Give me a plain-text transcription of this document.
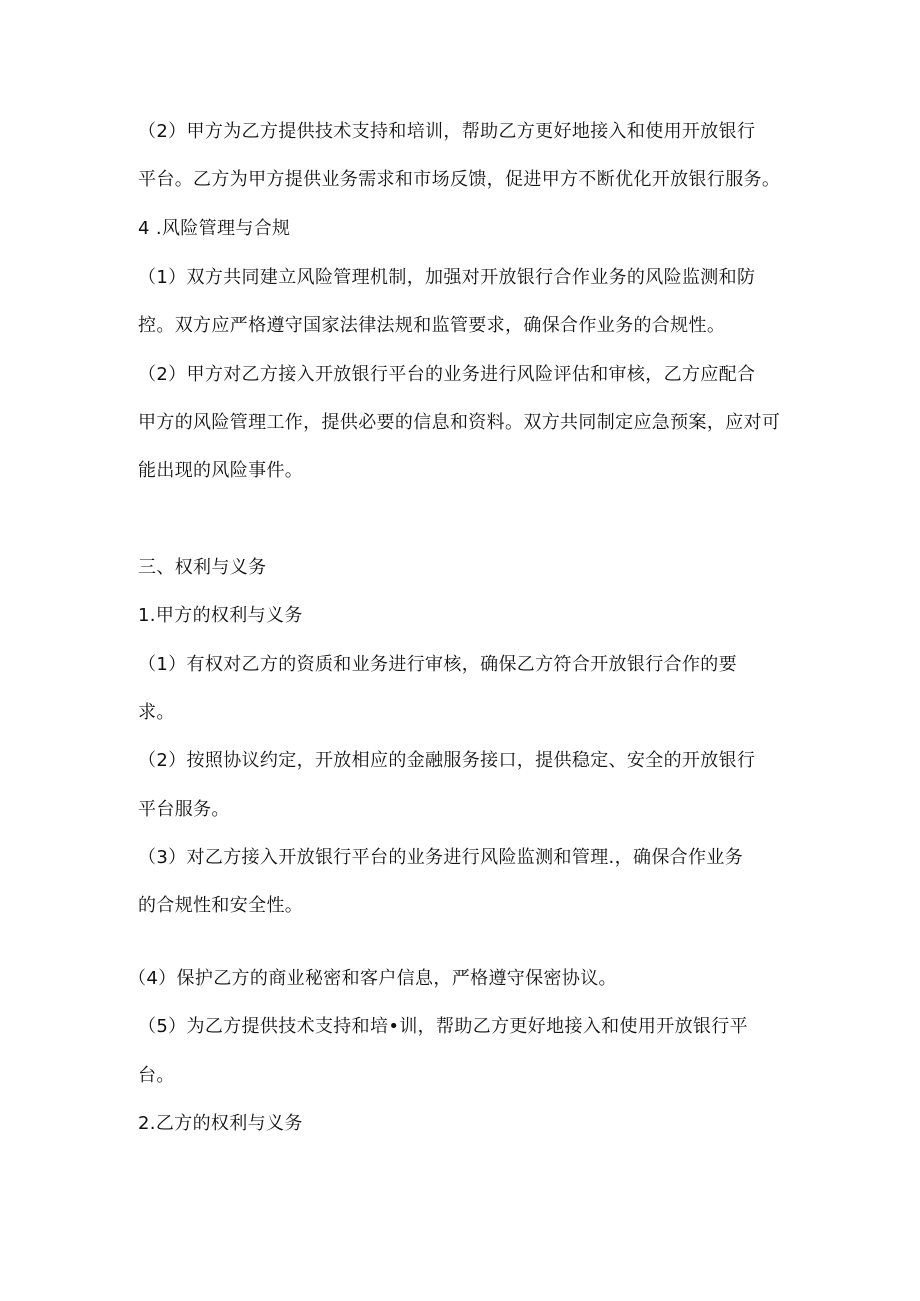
（2）甲方为乙方提供技术支持和培训，帮助乙方更好地接入和使用开放银行
平台。乙方为甲方提供业务需求和市场反馈，促进甲方不断优化开放银行服务。
4 .风险管理与合规
（1）双方共同建立风险管理机制，加强对开放银行合作业务的风险监测和防
控。双方应严格遵守国家法律法规和监管要求，确保合作业务的合规性。
（2）甲方对乙方接入开放银行平台的业务进行风险评估和审核，乙方应配合
甲方的风险管理工作，提供必要的信息和资料。双方共同制定应急预案，应对可
能出现的风险事件。
三、权利与义务
1.甲方的权利与义务
（1）有权对乙方的资质和业务进行审核，确保乙方符合开放银行合作的要
求。
（2）按照协议约定，开放相应的金融服务接口，提供稳定、安全的开放银行
平台服务。
（3）对乙方接入开放银行平台的业务进行风险监测和管理.，确保合作业务
的合规性和安全性。
（4）保护乙方的商业秘密和客户信息，严格遵守保密协议。
（5）为乙方提供技术支持和培•训，帮助乙方更好地接入和使用开放银行平
台。
2.乙方的权利与义务
